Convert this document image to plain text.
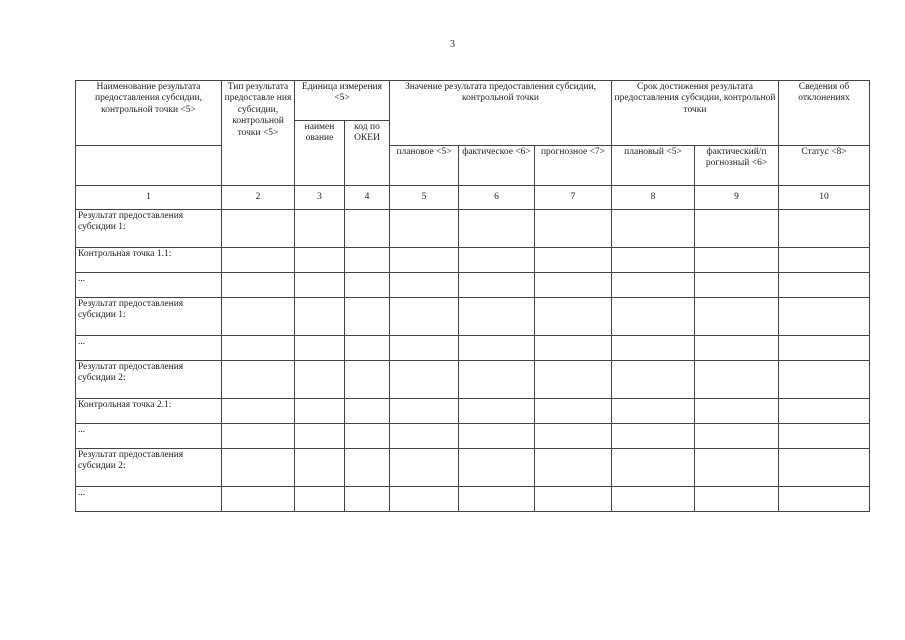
3
Наименование результата предоставления субсидии, контрольной точки <5>	Тип результата предоставле ния субсидии, контрольной точки <5>	Единица измерения <5>		Значение результата предоставления субсидии, контрольной точки			Срок достижения результата предоставления субсидии, контрольной точки		Сведения об отклонениях
		наимен ование	код по ОКЕИ						
				плановое <5>	фактическое <6>	прогнозное <7>	плановый <5>	фактический/п рогнозный <6>	Статус <8>
1	2	3	4	5	6	7	8	9	10
Результат предоставления субсидии 1:									
Контрольная точка 1.1:									
...									
Результат предоставления субсидии 1:									
...									
Результат предоставления субсидии 2:									
Контрольная точка 2.1:									
...									
Результат предоставления субсидии 2:									
...									
